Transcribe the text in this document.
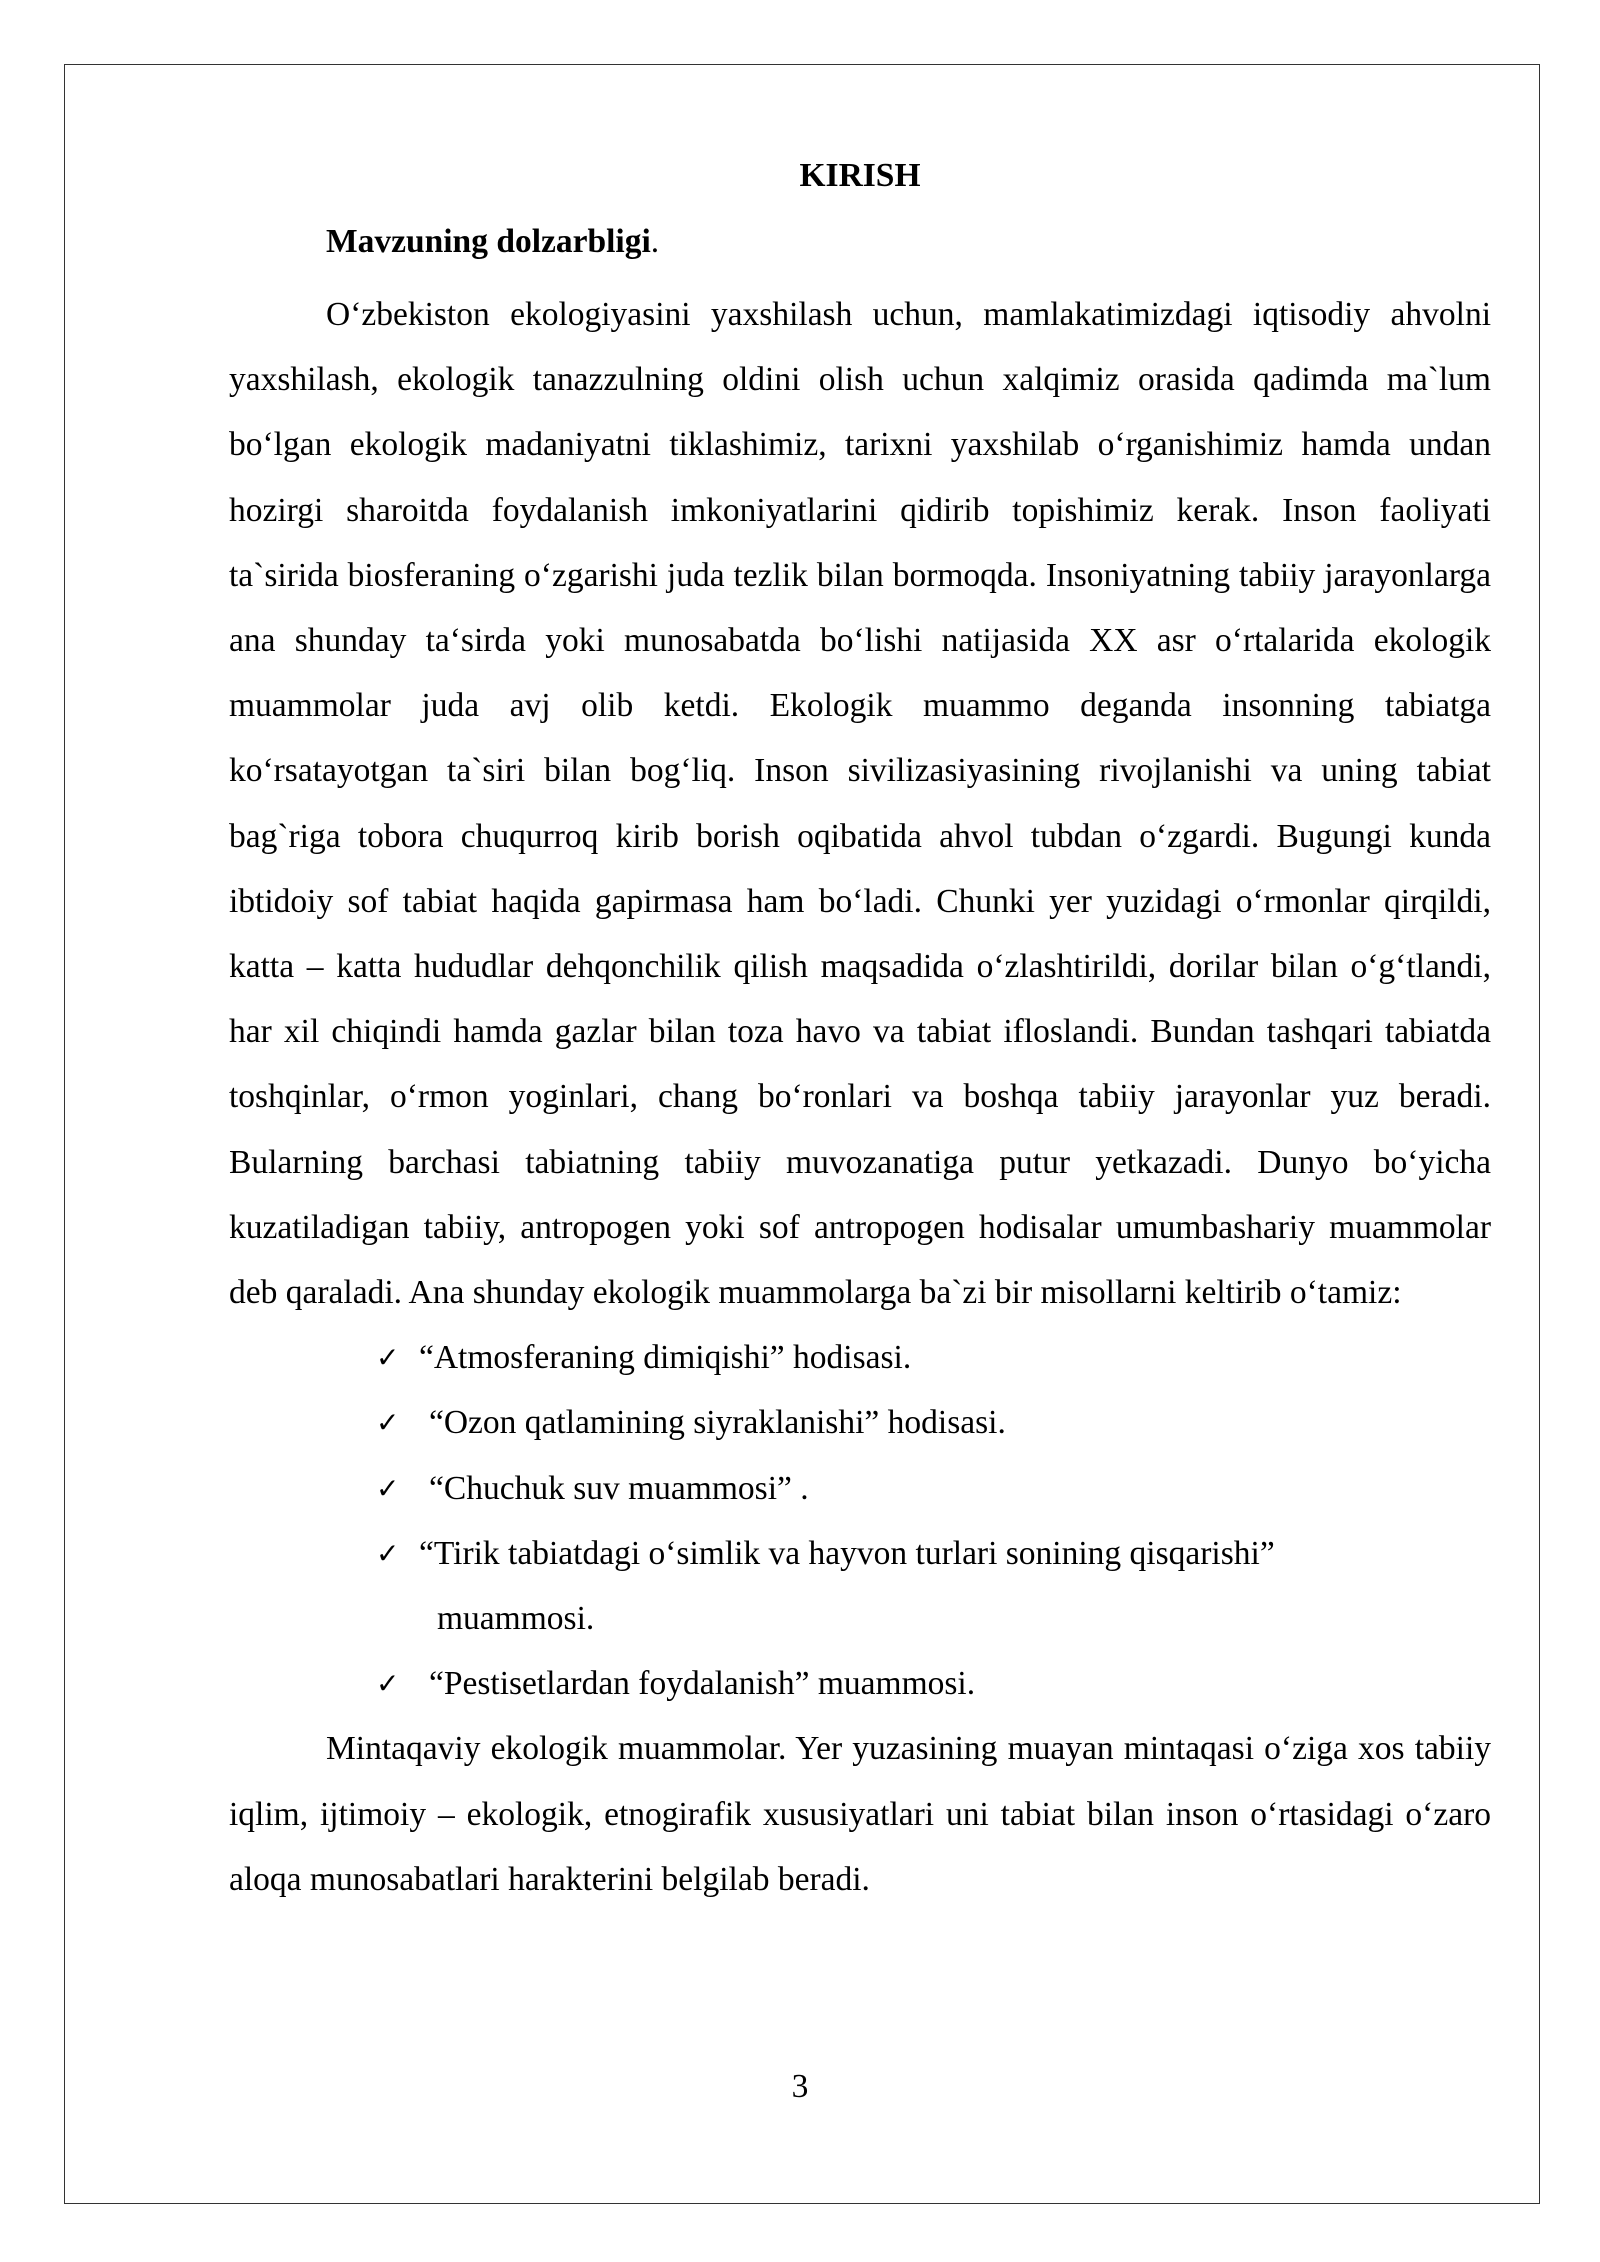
KIRISH

Mavzuning dolzarbligi.

O‘zbekiston ekologiyasini yaxshilash uchun, mamlakatimizdagi iqtisodiy ahvolni yaxshilash, ekologik tanazzulning oldini olish uchun xalqimiz orasida qadimda ma`lum bo‘lgan ekologik madaniyatni tiklashimiz, tarixni yaxshilab o‘rganishimiz hamda undan hozirgi sharoitda foydalanish imkoniyatlarini qidirib topishimiz kerak. Inson faoliyati ta`sirida biosferaning o‘zgarishi juda tezlik bilan bormoqda. Insoniyatning tabiiy jarayonlarga ana shunday ta‘sirda yoki munosabatda bo‘lishi natijasida XX asr o‘rtalarida ekologik muammolar juda avj olib ketdi. Ekologik muammo deganda insonning tabiatga ko‘rsatayotgan ta`siri bilan bog‘liq. Inson sivilizasiyasining rivojlanishi va uning tabiat bag`riga tobora chuqurroq kirib borish oqibatida ahvol tubdan o‘zgardi. Bugungi kunda ibtidoiy sof tabiat haqida gapirmasa ham bo‘ladi. Chunki yer yuzidagi o‘rmonlar qirqildi, katta – katta hududlar dehqonchilik qilish maqsadida o‘zlashtirildi, dorilar bilan o‘g‘tlandi, har xil chiqindi hamda gazlar bilan toza havo va tabiat ifloslandi. Bundan tashqari tabiatda toshqinlar, o‘rmon yoginlari, chang bo‘ronlari va boshqa tabiiy jarayonlar yuz beradi. Bularning barchasi tabiatning tabiiy muvozanatiga putur yetkazadi. Dunyo bo‘yicha kuzatiladigan tabiiy, antropogen yoki sof antropogen hodisalar umumbashariy muammolar deb qaraladi. Ana shunday ekologik muammolarga ba`zi bir misollarni keltirib o‘tamiz:

✓ “Atmosferaning dimiqishi” hodisasi.
✓ “Ozon qatlamining siyraklanishi” hodisasi.
✓ “Chuchuk suv muammosi” .
✓ “Tirik tabiatdagi o‘simlik va hayvon turlari sonining qisqarishi”
muammosi.
✓ “Pestisetlardan foydalanish” muammosi.

Mintaqaviy ekologik muammolar. Yer yuzasining muayan mintaqasi o‘ziga xos tabiiy iqlim, ijtimoiy – ekologik, etnogirafik xususiyatlari uni tabiat bilan inson o‘rtasidagi o‘zaro aloqa munosabatlari harakterini belgilab beradi.

3
